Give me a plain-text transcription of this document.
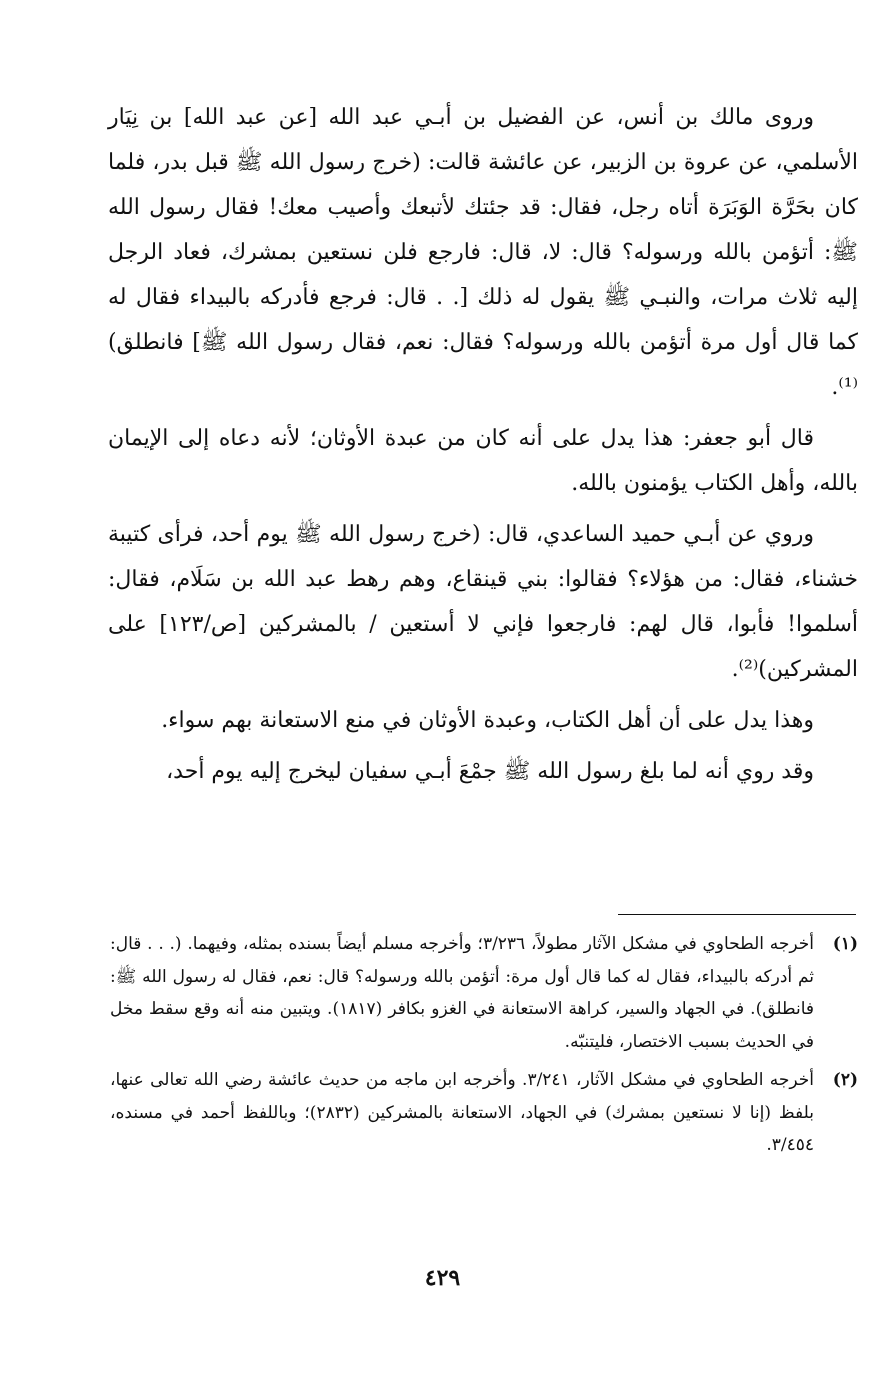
وروى مالك بن أنس، عن الفضيل بن أبـي عبد الله [عن عبد الله] بن نِيَار الأسلمي، عن عروة بن الزبير، عن عائشة قالت: (خرج رسول الله ﷺ قبل بدر، فلما كان بحَرَّة الوَبَرَة أتاه رجل، فقال: قد جئتك لأتبعك وأصيب معك! فقال رسول الله ﷺ: أتؤمن بالله ورسوله؟ قال: لا، قال: فارجع فلن نستعين بمشرك، فعاد الرجل إليه ثلاث مرات، والنبـي ﷺ يقول له ذلك [. . قال: فرجع فأدركه بالبيداء فقال له كما قال أول مرة أتؤمن بالله ورسوله؟ فقال: نعم، فقال رسول الله ﷺ] فانطلق)⁽¹⁾.

قال أبو جعفر: هذا يدل على أنه كان من عبدة الأوثان؛ لأنه دعاه إلى الإيمان بالله، وأهل الكتاب يؤمنون بالله.

وروي عن أبـي حميد الساعدي، قال: (خرج رسول الله ﷺ يوم أحد، فرأى كتيبة خشناء، فقال: من هؤلاء؟ فقالوا: بني قينقاع، وهم رهط عبد الله بن سَلَام، فقال: أسلموا! فأبوا، قال لهم: فارجعوا فإني لا أستعين / بالمشركين [ص/١٢٣] على المشركين)⁽²⁾.

وهذا يدل على أن أهل الكتاب، وعبدة الأوثان في منع الاستعانة بهم سواء.

وقد روي أنه لما بلغ رسول الله ﷺ جمْعَ أبـي سفيان ليخرج إليه يوم أحد،

(١)
أخرجه الطحاوي في مشكل الآثار مطولاً، ٣/٢٣٦؛ وأخرجه مسلم أيضاً بسنده بمثله، وفيهما. (. . . قال: ثم أدركه بالبيداء، فقال له كما قال أول مرة: أتؤمن بالله ورسوله؟ قال: نعم، فقال له رسول الله ﷺ: فانطلق). في الجهاد والسير، كراهة الاستعانة في الغزو بكافر (١٨١٧). ويتبين منه أنه وقع سقط مخل في الحديث بسبب الاختصار، فليتنبّه.
(٢)
أخرجه الطحاوي في مشكل الآثار، ٣/٢٤١. وأخرجه ابن ماجه من حديث عائشة رضي الله تعالى عنها، بلفظ (إنا لا نستعين بمشرك) في الجهاد، الاستعانة بالمشركين (٢٨٣٢)؛ وباللفظ أحمد في مسنده، ٣/٤٥٤.
٤٢٩
